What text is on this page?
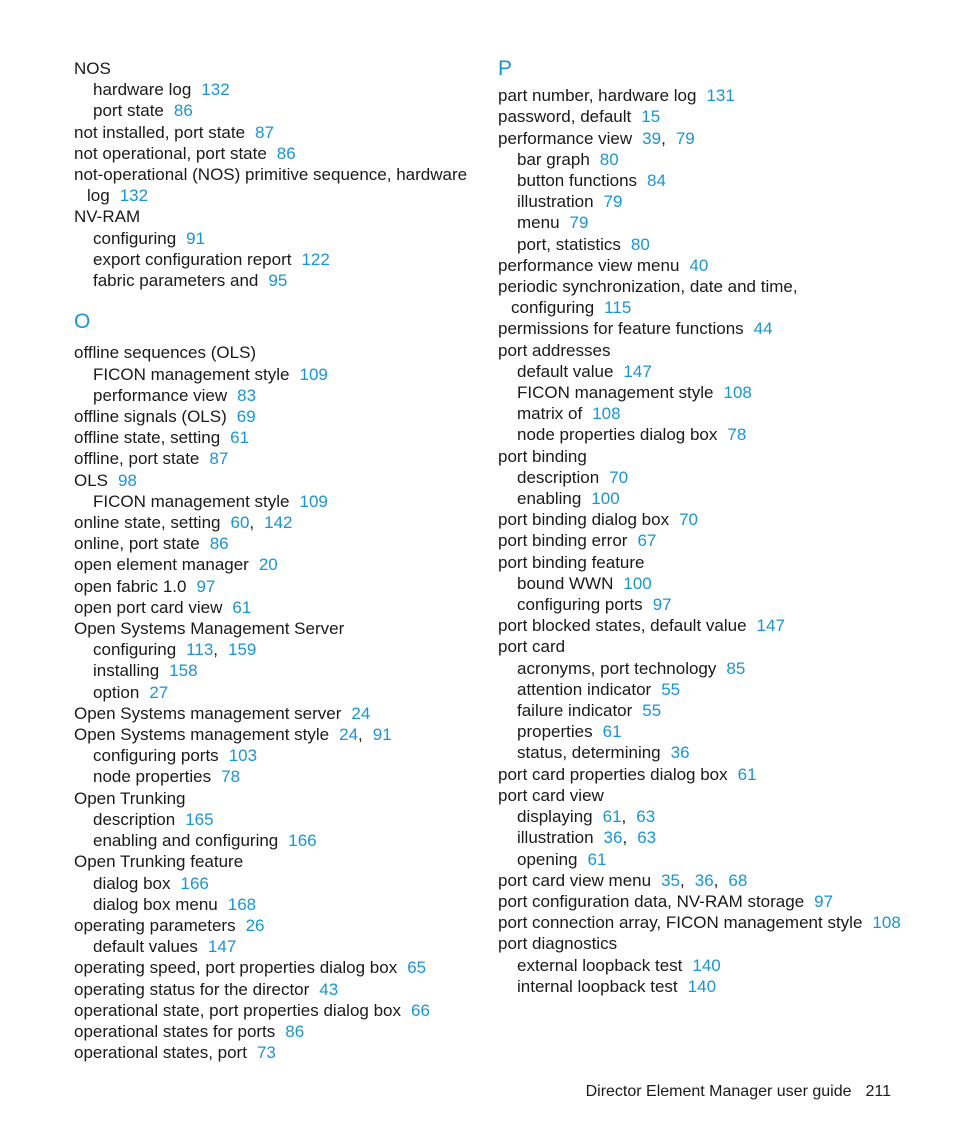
NOS
hardware log 132
port state 86
not installed, port state 87
not operational, port state 86
not-operational (NOS) primitive sequence, hardware log 132
NV-RAM
configuring 91
export configuration report 122
fabric parameters and 95
O
offline sequences (OLS)
FICON management style 109
performance view 83
offline signals (OLS) 69
offline state, setting 61
offline, port state 87
OLS 98
FICON management style 109
online state, setting 60, 142
online, port state 86
open element manager 20
open fabric 1.0 97
open port card view 61
Open Systems Management Server
configuring 113, 159
installing 158
option 27
Open Systems management server 24
Open Systems management style 24, 91
configuring ports 103
node properties 78
Open Trunking
description 165
enabling and configuring 166
Open Trunking feature
dialog box 166
dialog box menu 168
operating parameters 26
default values 147
operating speed, port properties dialog box 65
operating status for the director 43
operational state, port properties dialog box 66
operational states for ports 86
operational states, port 73
P
part number, hardware log 131
password, default 15
performance view 39, 79
bar graph 80
button functions 84
illustration 79
menu 79
port, statistics 80
performance view menu 40
periodic synchronization, date and time, configuring 115
permissions for feature functions 44
port addresses
default value 147
FICON management style 108
matrix of 108
node properties dialog box 78
port binding
description 70
enabling 100
port binding dialog box 70
port binding error 67
port binding feature
bound WWN 100
configuring ports 97
port blocked states, default value 147
port card
acronyms, port technology 85
attention indicator 55
failure indicator 55
properties 61
status, determining 36
port card properties dialog box 61
port card view
displaying 61, 63
illustration 36, 63
opening 61
port card view menu 35, 36, 68
port configuration data, NV-RAM storage 97
port connection array, FICON management style 108
port diagnostics
external loopback test 140
internal loopback test 140
Director Element Manager user guide 211
